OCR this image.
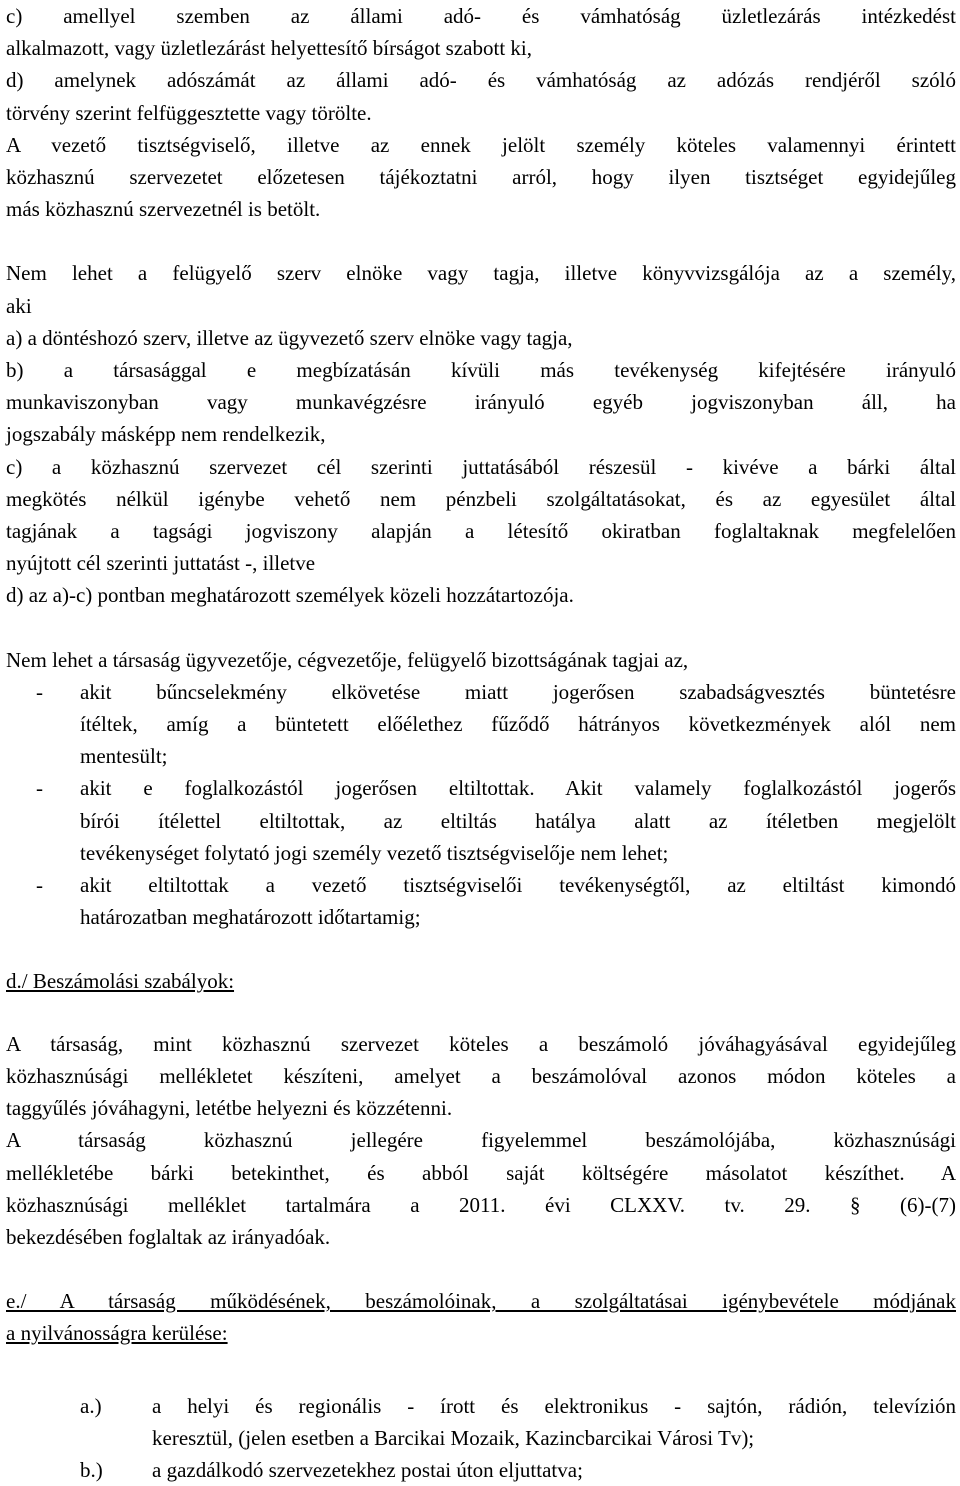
c) amellyel szemben az állami adó- és vámhatóság üzletlezárás intézkedést
alkalmazott, vagy üzletlezárást helyettesítő bírságot szabott ki,
d) amelynek adószámát az állami adó- és vámhatóság az adózás rendjéről szóló
törvény szerint felfüggesztette vagy törölte.
A vezető tisztségviselő, illetve az ennek jelölt személy köteles valamennyi érintett
közhasznú szervezetet előzetesen tájékoztatni arról, hogy ilyen tisztséget egyidejűleg
más közhasznú szervezetnél is betölt.
Nem lehet a felügyelő szerv elnöke vagy tagja, illetve könyvvizsgálója az a személy,
aki
a) a döntéshozó szerv, illetve az ügyvezető szerv elnöke vagy tagja,
b) a társasággal e megbízatásán kívüli más tevékenység kifejtésére irányuló
munkaviszonyban vagy munkavégzésre irányuló egyéb jogviszonyban áll, ha
jogszabály másképp nem rendelkezik,
c) a közhasznú szervezet cél szerinti juttatásából részesül - kivéve a bárki által
megkötés nélkül igénybe vehető nem pénzbeli szolgáltatásokat, és az egyesület által
tagjának a tagsági jogviszony alapján a létesítő okiratban foglaltaknak megfelelően
nyújtott cél szerinti juttatást -, illetve
d) az a)-c) pontban meghatározott személyek közeli hozzátartozója.
Nem lehet a társaság ügyvezetője, cégvezetője, felügyelő bizottságának tagjai az,
- akit bűncselekmény elkövetése miatt jogerősen szabadságvesztés büntetésre
ítéltek, amíg a büntetett előélethez fűződő hátrányos következmények alól nem
mentesült;
- akit e foglalkozástól jogerősen eltiltottak. Akit valamely foglalkozástól jogerős
bírói ítélettel eltiltottak, az eltiltás hatálya alatt az ítéletben megjelölt
tevékenységet folytató jogi személy vezető tisztségviselője nem lehet;
- akit eltiltottak a vezető tisztségviselői tevékenységtől, az eltiltást kimondó
határozatban meghatározott időtartamig;
d./ Beszámolási szabályok:
A társaság, mint közhasznú szervezet köteles a beszámoló jóváhagyásával egyidejűleg
közhasznúsági mellékletet készíteni, amelyet a beszámolóval azonos módon köteles a
taggyűlés jóváhagyni, letétbe helyezni és közzétenni.
A társaság közhasznú jellegére figyelemmel beszámolójába, közhasznúsági
mellékletébe bárki betekinthet, és abból saját költségére másolatot készíthet. A
közhasznúsági melléklet tartalmára a 2011. évi CLXXV. tv. 29. § (6)-(7)
bekezdésében foglaltak az irányadóak.
e./ A társaság működésének, beszámolóinak, a szolgáltatásai igénybevétele módjának
a nyilvánosságra kerülése:
a.) a helyi és regionális - írott és elektronikus - sajtón, rádión, televízión
keresztül, (jelen esetben a Barcikai Mozaik, Kazincbarcikai Városi Tv);
b.) a gazdálkodó szervezetekhez postai úton eljuttatva;
